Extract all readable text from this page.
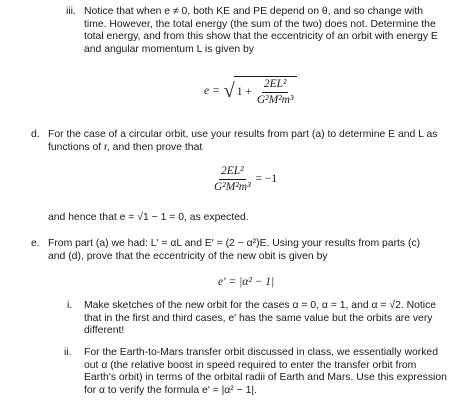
iii. Notice that when e ≠ 0, both KE and PE depend on θ, and so change with
time. However, the total energy (the sum of the two) does not. Determine the
total energy, and from this show that the eccentricity of an orbit with energy E
and angular momentum L is given by
e = √ $1 + \frac{\text{2EL²}}{\text{G²M²m³}}$
d. For the case of a circular orbit, use your results from part (a) to determine E and L as
functions of r, and then prove that
$\frac{\text{2EL²}}{\text{G²M²m³}} = -1$
and hence that e = √1 − 1 = 0, as expected.
e. From part (a) we had: L′ = αL and E′ = (2 − α²)E. Using your results from parts (c)
and (d), prove that the eccentricity of the new obit is given by
e′ = |α² − 1|
i. Make sketches of the new orbit for the cases α = 0, α = 1, and α = √2. Notice
that in the first and third cases, e′ has the same value but the orbits are very
different!
ii. For the Earth-to-Mars transfer orbit discussed in class, we essentially worked
out α (the relative boost in speed required to enter the transfer orbit from
Earth's orbit) in terms of the orbital radii of Earth and Mars. Use this expression
for α to verify the formula e′ = |α² − 1|.
